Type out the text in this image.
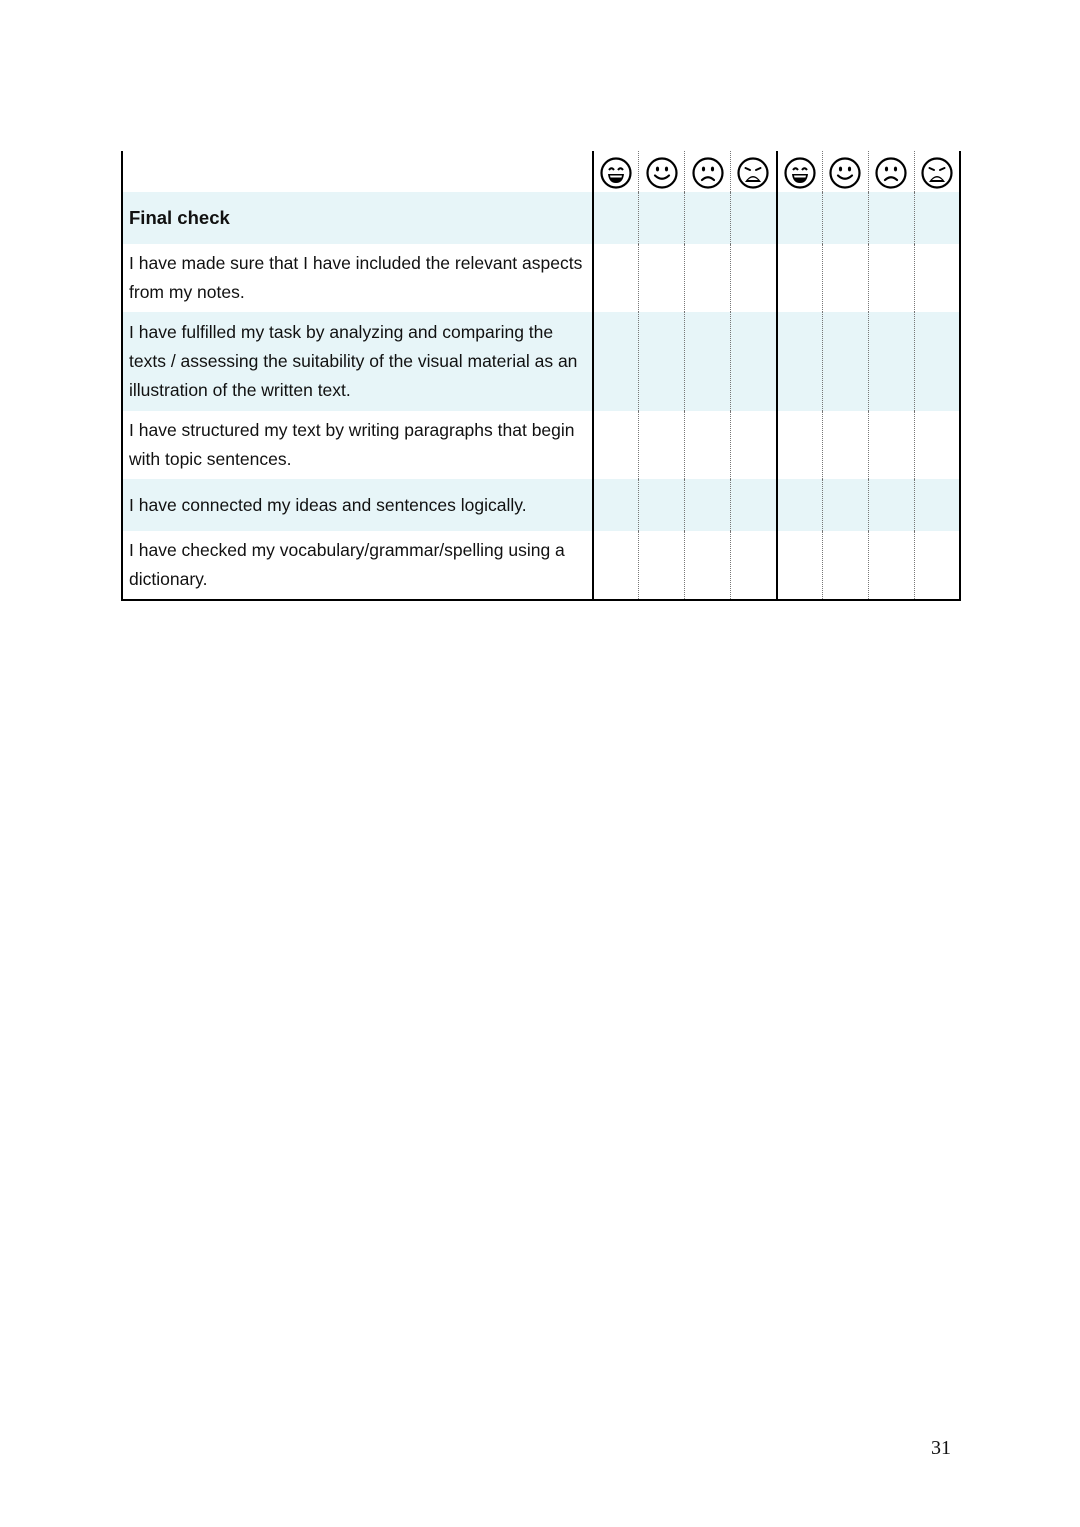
Final check								
I have made sure that I have included the relevant aspects from my notes.								
I have fulfilled my task by analyzing and comparing the texts / assessing the suitability of the visual material as an illustration of the written text.								
I have structured my text by writing paragraphs that begin with topic sentences.								
I have connected my ideas and sentences logically.								
I have checked my vocabulary/grammar/spelling using a dictionary.								
31
